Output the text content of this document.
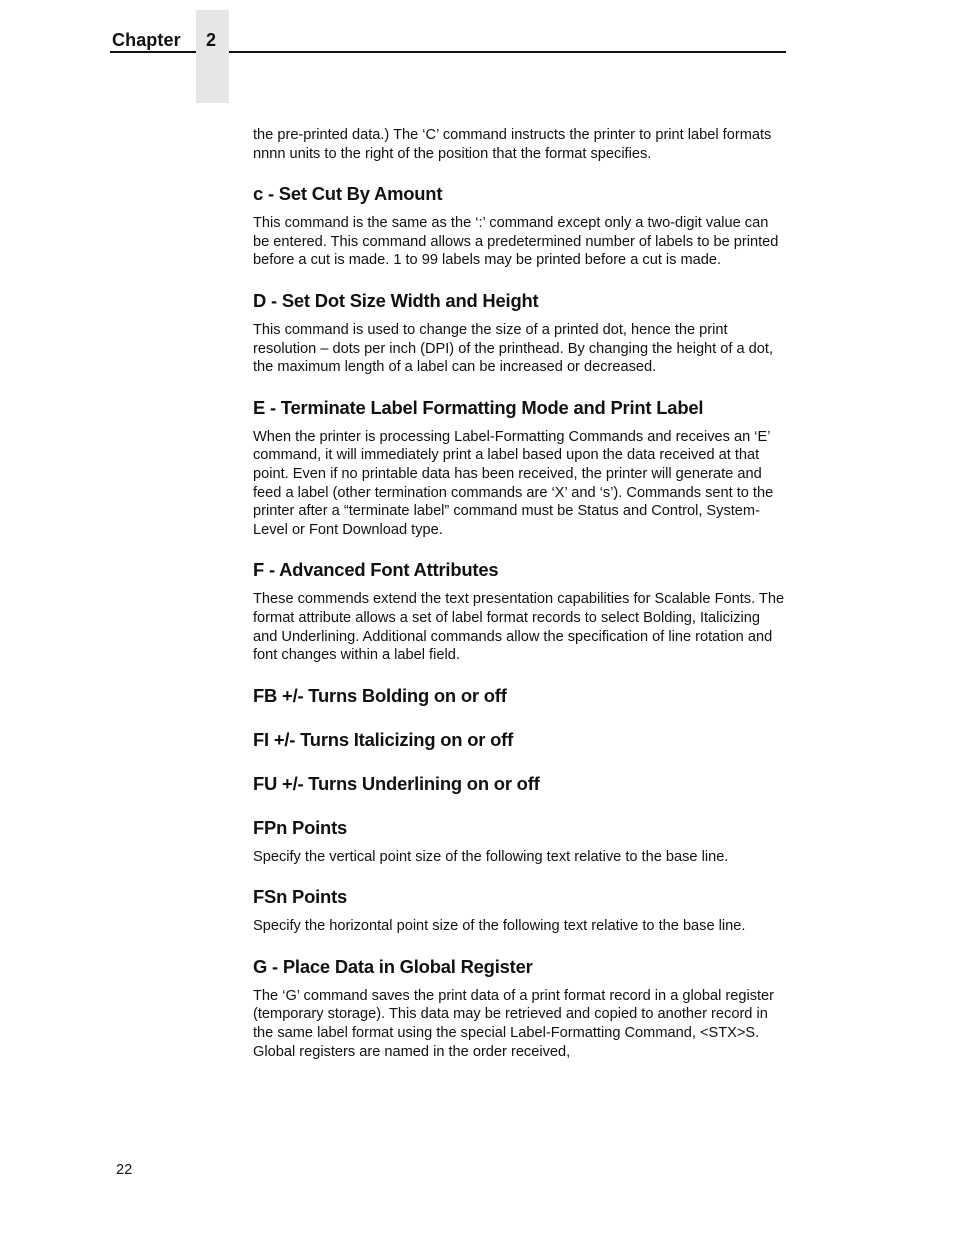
Chapter	2

the pre-printed data.) The ‘C’ command instructs the printer to print label formats nnnn units to the right of the position that the format specifies.

c - Set Cut By Amount

This command is the same as the ‘:’ command except only a two-digit value can be entered. This command allows a predetermined number of labels to be printed before a cut is made. 1 to 99 labels may be printed before a cut is made.

D - Set Dot Size Width and Height

This command is used to change the size of a printed dot, hence the print resolution – dots per inch (DPI) of the printhead. By changing the height of a dot, the maximum length of a label can be increased or decreased.

E - Terminate Label Formatting Mode and Print Label

When the printer is processing Label-Formatting Commands and receives an ‘E’ command, it will immediately print a label based upon the data received at that point. Even if no printable data has been received, the printer will generate and feed a label (other termination commands are ‘X’ and ‘s’). Commands sent to the printer after a “terminate label” command must be Status and Control, System-Level or Font Download type.

F - Advanced Font Attributes

These commends extend the text presentation capabilities for Scalable Fonts. The format attribute allows a set of label format records to select Bolding, Italicizing and Underlining. Additional commands allow the specification of line rotation and font changes within a label field.

FB +/- Turns Bolding on or off
FI +/- Turns Italicizing on or off
FU +/- Turns Underlining on or off
FPn Points

Specify the vertical point size of the following text relative to the base line.

FSn Points

Specify the horizontal point size of the following text relative to the base line.

G - Place Data in Global Register

The ‘G’ command saves the print data of a print format record in a global register (temporary storage). This data may be retrieved and copied to another record in the same label format using the special Label-Formatting Command, <STX>S. Global registers are named in the order received,

22
